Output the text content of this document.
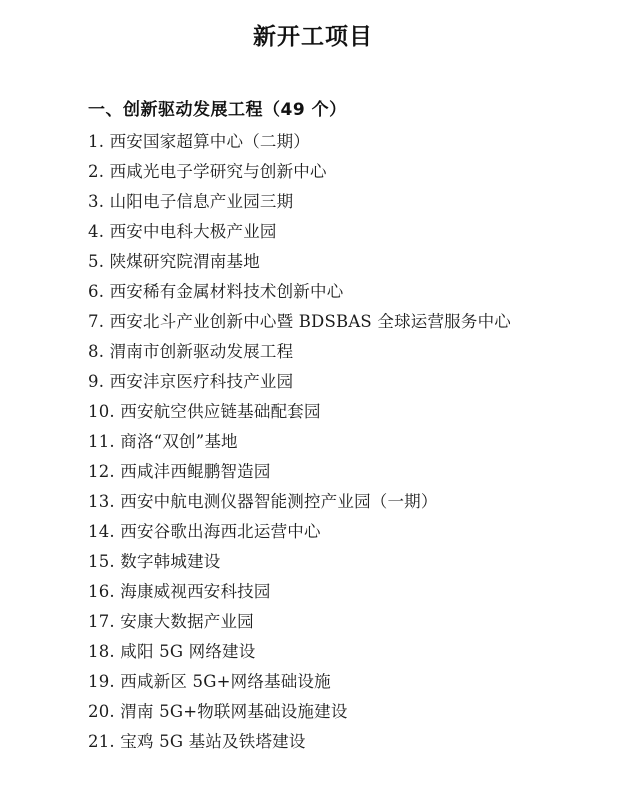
新开工项目
一、创新驱动发展工程（49 个）
1. 西安国家超算中心（二期）
2. 西咸光电子学研究与创新中心
3. 山阳电子信息产业园三期
4. 西安中电科大极产业园
5. 陕煤研究院渭南基地
6. 西安稀有金属材料技术创新中心
7. 西安北斗产业创新中心暨 BDSBAS 全球运营服务中心
8. 渭南市创新驱动发展工程
9. 西安沣京医疗科技产业园
10. 西安航空供应链基础配套园
11. 商洛“双创”基地
12. 西咸沣西鲲鹏智造园
13. 西安中航电测仪器智能测控产业园（一期）
14. 西安谷歌出海西北运营中心
15. 数字韩城建设
16. 海康威视西安科技园
17. 安康大数据产业园
18. 咸阳 5G 网络建设
19. 西咸新区 5G+网络基础设施
20. 渭南 5G+物联网基础设施建设
21. 宝鸡 5G 基站及铁塔建设
